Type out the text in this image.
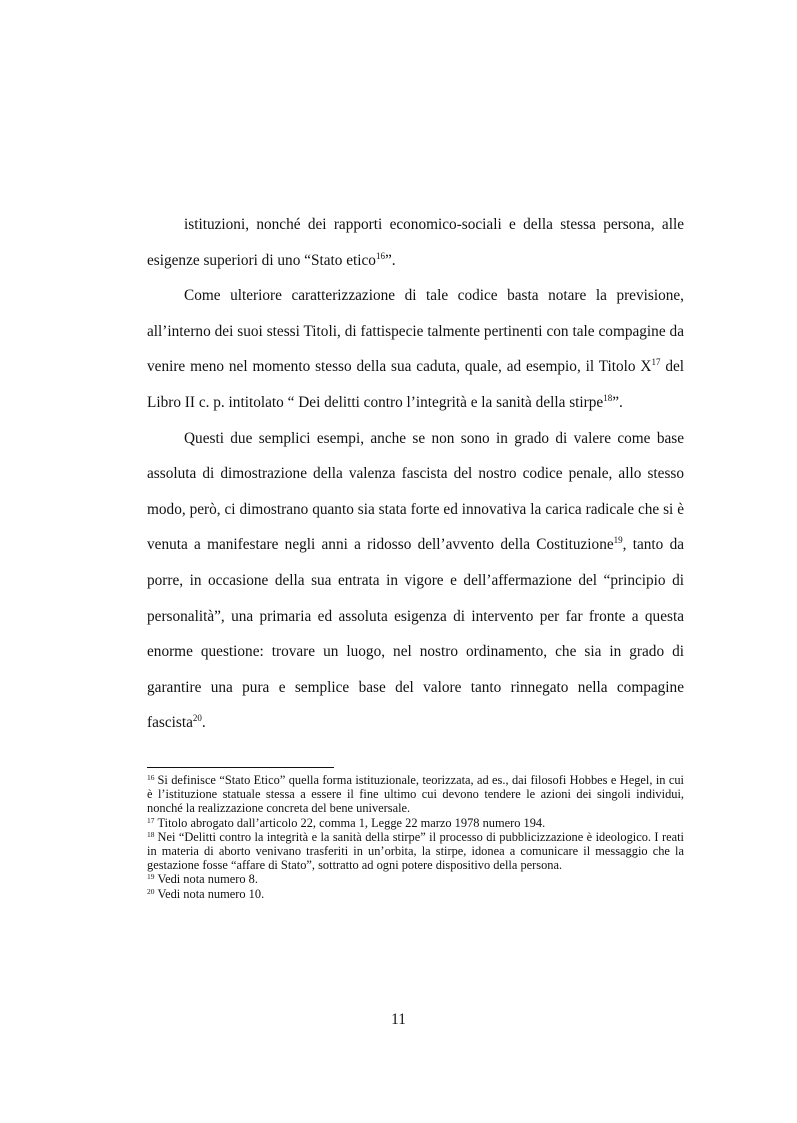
istituzioni, nonché dei rapporti economico-sociali e della stessa persona, alle esigenze superiori di uno “Stato etico$^{16}$”.

Come ulteriore caratterizzazione di tale codice basta notare la previsione, all’interno dei suoi stessi Titoli, di fattispecie talmente pertinenti con tale compagine da venire meno nel momento stesso della sua caduta, quale, ad esempio, il Titolo $X^{17}$ del Libro II c. p. intitolato “ Dei delitti contro l’integrità e la sanità della stirpe$^{18}$”.

Questi due semplici esempi, anche se non sono in grado di valere come base assoluta di dimostrazione della valenza fascista del nostro codice penale, allo stesso modo, però, ci dimostrano quanto sia stata forte ed innovativa la carica radicale che si è venuta a manifestare negli anni a ridosso dell’avvento della Costituzione$^{19}$, tanto da porre, in occasione della sua entrata in vigore e dell’affermazione del “principio di personalità”, una primaria ed assoluta esigenza di intervento per far fronte a questa enorme questione: trovare un luogo, nel nostro ordinamento, che sia in grado di garantire una pura e semplice base del valore tanto rinnegato nella compagine fascista$^{20}$.

$^{16}$ Si definisce “Stato Etico” quella forma istituzionale, teorizzata, ad es., dai filosofi Hobbes e Hegel, in cui è l’istituzione statuale stessa a essere il fine ultimo cui devono tendere le azioni dei singoli individui, nonché la realizzazione concreta del bene universale.

$^{17}$ Titolo abrogato dall’articolo 22, comma 1, Legge 22 marzo 1978 numero 194.

$^{18}$ Nei “Delitti contro la integrità e la sanità della stirpe” il processo di pubblicizzazione è ideologico. I reati in materia di aborto venivano trasferiti in un’orbita, la stirpe, idonea a comunicare il messaggio che la gestazione fosse “affare di Stato”, sottratto ad ogni potere dispositivo della persona.

$^{19}$ Vedi nota numero 8.

$^{20}$ Vedi nota numero 10.

11
